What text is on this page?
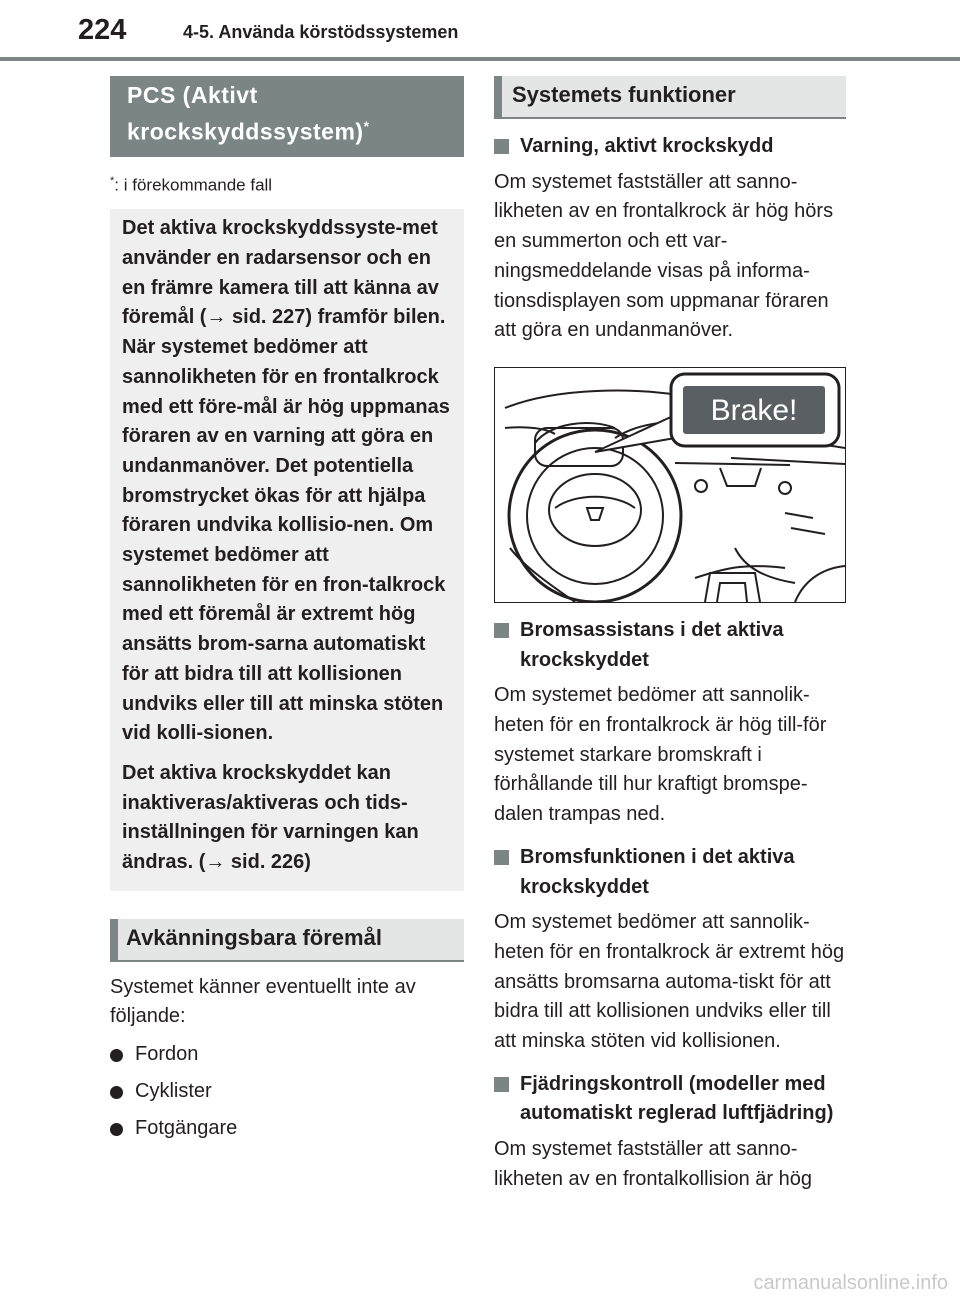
224	4-5. Använda körstödssystemen
PCS (Aktivt
krockskyddssystem)*
*: i förekommande fall

Det aktiva krockskyddssyste-met använder en radarsensor och en en främre kamera till att känna av föremål (→ sid. 227) framför bilen. När systemet bedömer att sannolikheten för en frontalkrock med ett före-mål är hög uppmanas föraren av en varning att göra en undanmanöver. Det potentiella bromstrycket ökas för att hjälpa föraren undvika kollisio-nen. Om systemet bedömer att sannolikheten för en fron-talkrock med ett föremål är extremt hög ansätts brom-sarna automatiskt för att bidra till att kollisionen undviks eller till att minska stöten vid kolli-sionen.

Det aktiva krockskyddet kan inaktiveras/aktiveras och tids-inställningen för varningen kan ändras. (→ sid. 226)

Avkänningsbara föremål

Systemet känner eventuellt inte av följande:

Fordon
Cyklister
Fotgängare
Systemets funktioner

Varning, aktivt krockskydd

Om systemet fastställer att sanno-likheten av en frontalkrock är hög hörs en summerton och ett var-ningsmeddelande visas på informa-tionsdisplayen som uppmanar föraren att göra en undanmanöver.

Brake!

Bromsassistans i det aktiva krockskyddet

Om systemet bedömer att sannolik-heten för en frontalkrock är hög till-för systemet starkare bromskraft i förhållande till hur kraftigt bromspe-dalen trampas ned.

Bromsfunktionen i det aktiva krockskyddet

Om systemet bedömer att sannolik-heten för en frontalkrock är extremt hög ansätts bromsarna automa-tiskt för att bidra till att kollisionen undviks eller till att minska stöten vid kollisionen.

Fjädringskontroll (modeller med automatiskt reglerad luftfjädring)

Om systemet fastställer att sanno-likheten av en frontalkollision är hög

carmanualsonline.info
